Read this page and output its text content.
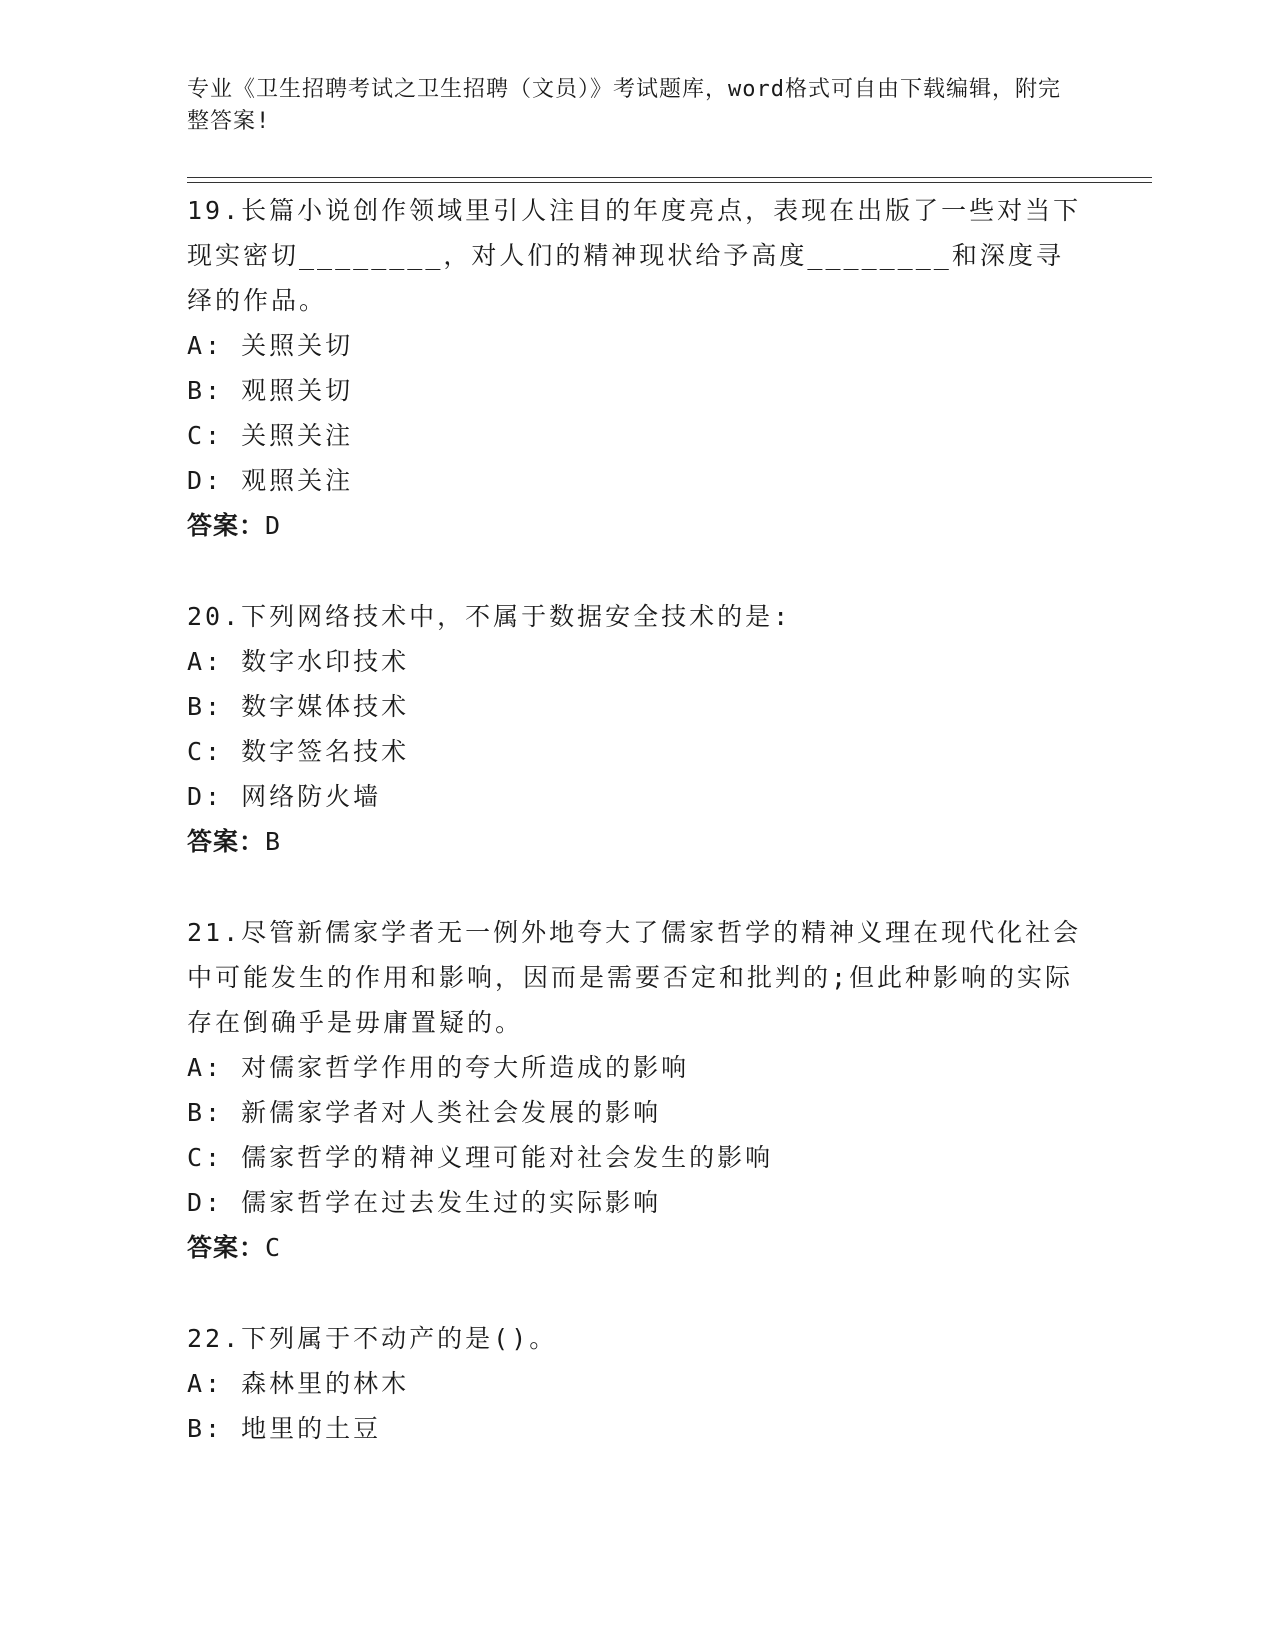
专业《卫生招聘考试之卫生招聘（文员）》考试题库，word格式可自由下载编辑，附完整答案!
19.长篇小说创作领域里引人注目的年度亮点，表现在出版了一些对当下现实密切________，对人们的精神现状给予高度________和深度寻绎的作品。
A: 关照关切
B: 观照关切
C: 关照关注
D: 观照关注
答案：D
20.下列网络技术中，不属于数据安全技术的是:
A: 数字水印技术
B: 数字媒体技术
C: 数字签名技术
D: 网络防火墙
答案：B
21.尽管新儒家学者无一例外地夸大了儒家哲学的精神义理在现代化社会中可能发生的作用和影响，因而是需要否定和批判的;但此种影响的实际存在倒确乎是毋庸置疑的。
A: 对儒家哲学作用的夸大所造成的影响
B: 新儒家学者对人类社会发展的影响
C: 儒家哲学的精神义理可能对社会发生的影响
D: 儒家哲学在过去发生过的实际影响
答案：C
22.下列属于不动产的是()。
A: 森林里的林木
B: 地里的土豆
